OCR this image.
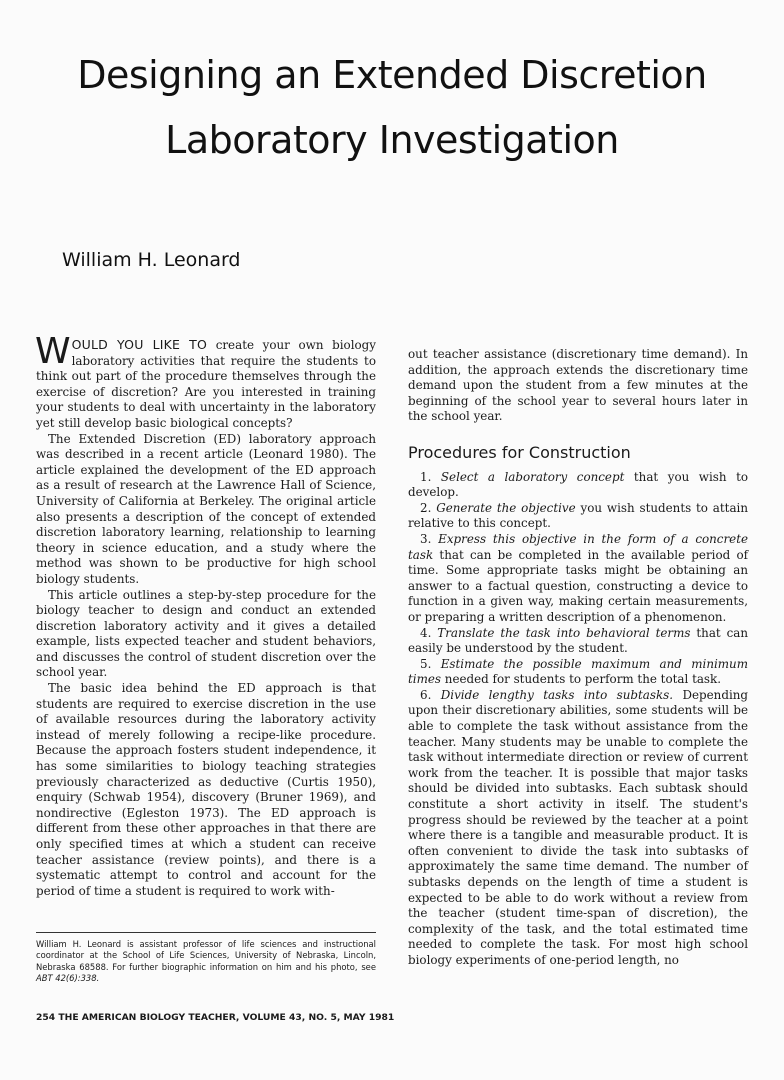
Designing an Extended Discretion
Laboratory Investigation
William H. Leonard

WOULD YOU LIKE TO create your own biology laboratory activities that require the students to think out part of the procedure themselves through the exercise of discretion? Are you interested in training your students to deal with uncertainty in the laboratory yet still develop basic biological concepts?

The Extended Discretion (ED) laboratory approach was described in a recent article (Leonard 1980). The article explained the development of the ED approach as a result of research at the Lawrence Hall of Science, University of California at Berkeley. The original article also presents a description of the concept of extended discretion laboratory learning, relationship to learning theory in science education, and a study where the method was shown to be productive for high school biology students.

This article outlines a step-by-step procedure for the biology teacher to design and conduct an extended discretion laboratory activity and it gives a detailed example, lists expected teacher and student behaviors, and discusses the control of student discretion over the school year.

The basic idea behind the ED approach is that students are required to exercise discretion in the use of available resources during the laboratory activity instead of merely following a recipe-like procedure. Because the approach fosters student independence, it has some similarities to biology teaching strategies previously characterized as deductive (Curtis 1950), enquiry (Schwab 1954), discovery (Bruner 1969), and nondirective (Egleston 1973). The ED approach is different from these other approaches in that there are only specified times at which a student can receive teacher assistance (review points), and there is a systematic attempt to control and account for the period of time a student is required to work with-

out teacher assistance (discretionary time demand). In addition, the approach extends the discretionary time demand upon the student from a few minutes at the beginning of the school year to several hours later in the school year.

Procedures for Construction

1. Select a laboratory concept that you wish to develop.

2. Generate the objective you wish students to attain relative to this concept.

3. Express this objective in the form of a concrete task that can be completed in the available period of time. Some appropriate tasks might be obtaining an answer to a factual question, constructing a device to function in a given way, making certain measurements, or preparing a written description of a phenomenon.

4. Translate the task into behavioral terms that can easily be understood by the student.

5. Estimate the possible maximum and minimum times needed for students to perform the total task.

6. Divide lengthy tasks into subtasks. Depending upon their discretionary abilities, some students will be able to complete the task without assistance from the teacher. Many students may be unable to complete the task without intermediate direction or review of current work from the teacher. It is possible that major tasks should be divided into subtasks. Each subtask should constitute a short activity in itself. The student's progress should be reviewed by the teacher at a point where there is a tangible and measurable product. It is often convenient to divide the task into subtasks of approximately the same time demand. The number of subtasks depends on the length of time a student is expected to be able to do work without a review from the teacher (student time-span of discretion), the complexity of the task, and the total estimated time needed to complete the task. For most high school biology experiments of one-period length, no

William H. Leonard is assistant professor of life sciences and instructional coordinator at the School of Life Sciences, University of Nebraska, Lincoln, Nebraska 68588. For further biographic information on him and his photo, see ABT 42(6):338.
254 THE AMERICAN BIOLOGY TEACHER, VOLUME 43, NO. 5, MAY 1981
